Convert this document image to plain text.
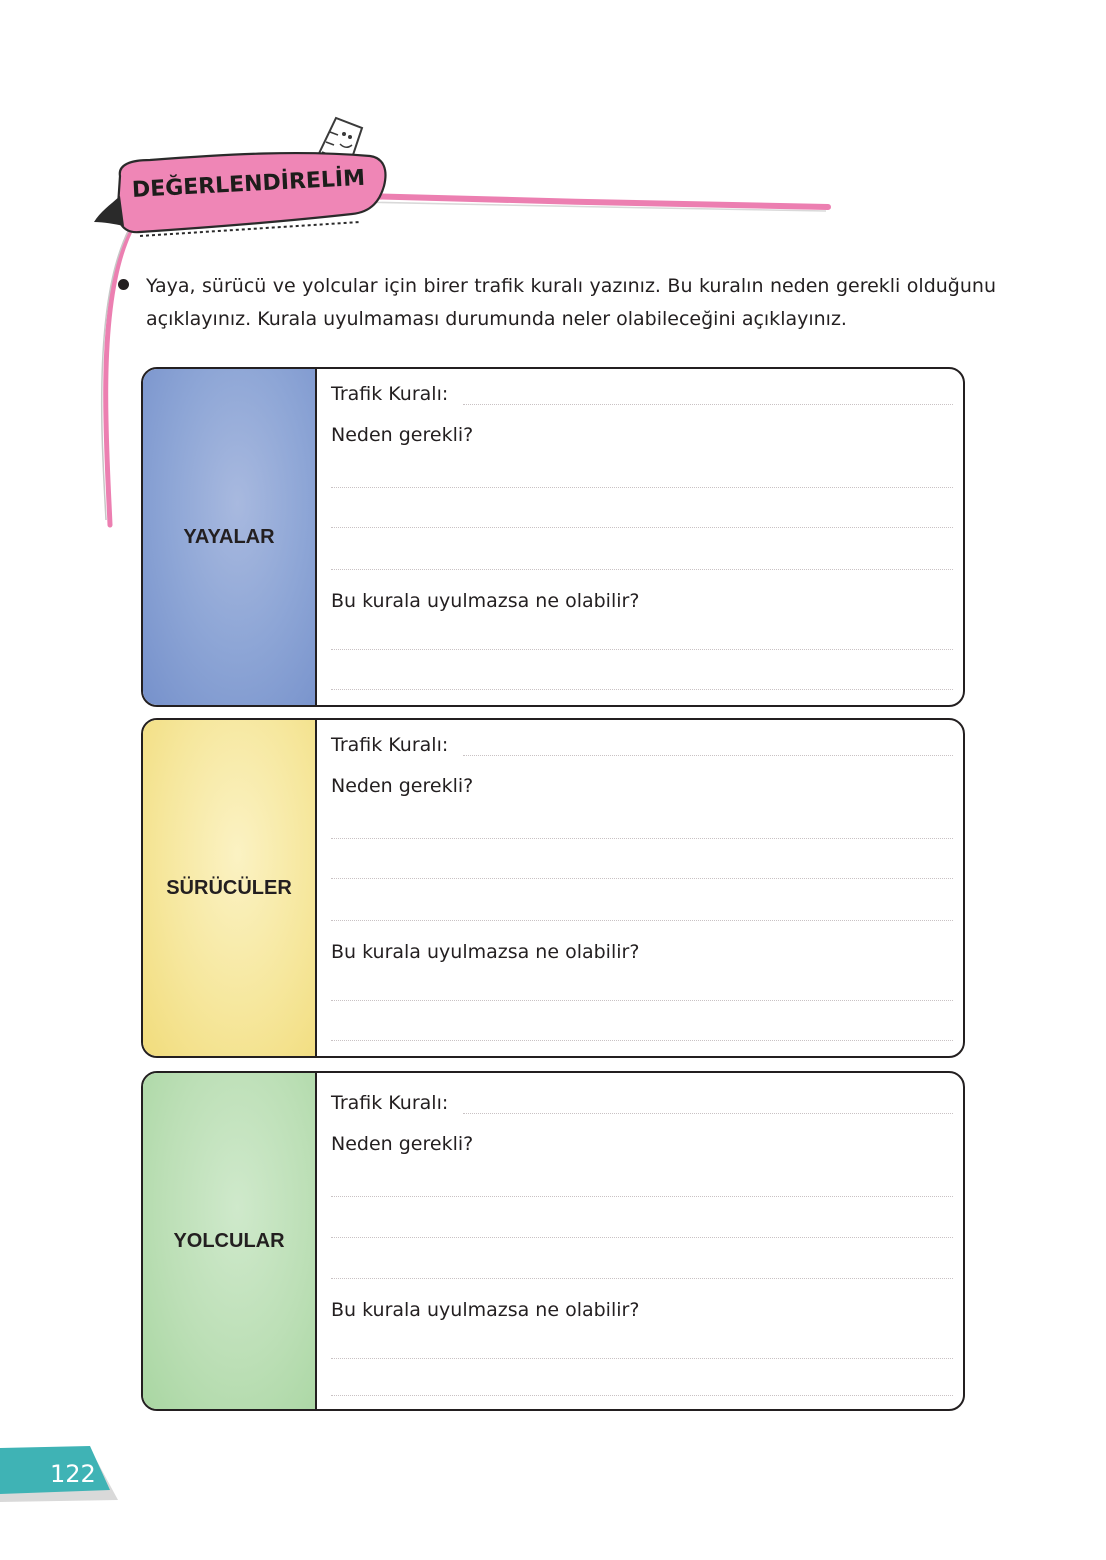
DEĞERLENDİRELİM
Yaya, sürücü ve yolcular için birer trafik kuralı yazınız. Bu kuralın neden gerekli olduğunu açıklayınız. Kurala uyulmaması durumunda neler olabileceğini açıklayınız.
YAYALAR
Trafik Kuralı:
Neden gerekli?
Bu kurala uyulmazsa ne olabilir?
SÜRÜCÜLER
Trafik Kuralı:
Neden gerekli?
Bu kurala uyulmazsa ne olabilir?
YOLCULAR
Trafik Kuralı:
Neden gerekli?
Bu kurala uyulmazsa ne olabilir?
122
